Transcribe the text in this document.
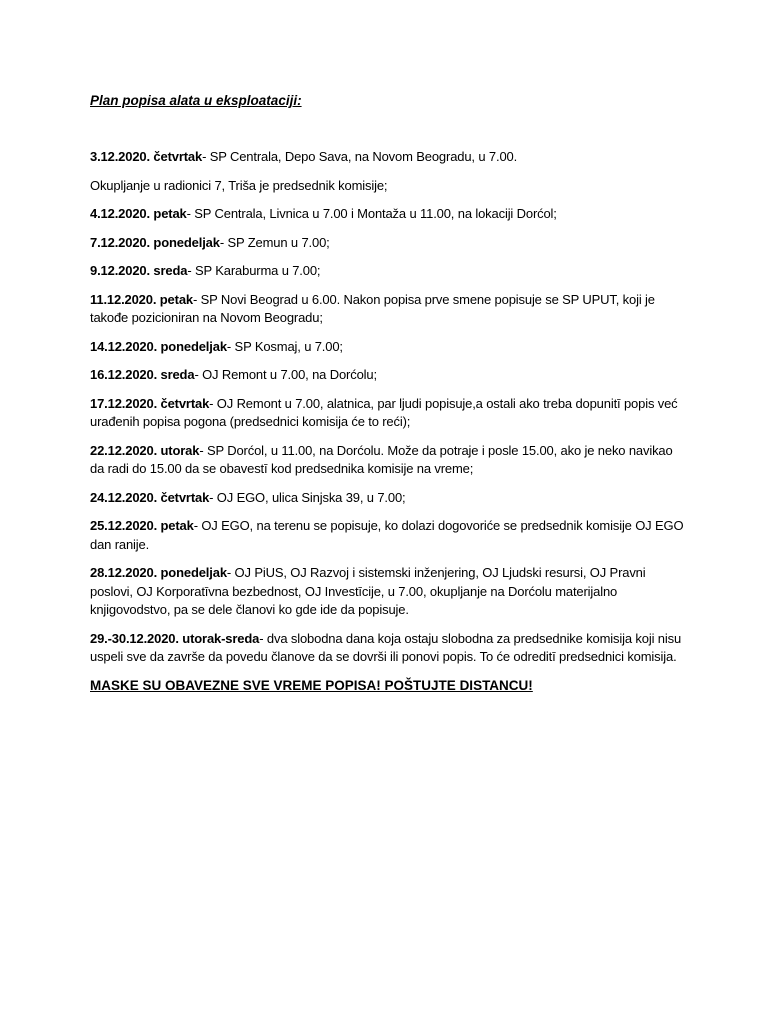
Plan popisa alata u eksploataciji:

3.12.2020. četvrtak- SP Centrala, Depo Sava, na Novom Beogradu, u 7.00.

Okupljanje u radionici 7, Triša je predsednik komisije;

4.12.2020. petak- SP Centrala, Livnica u 7.00 i Montaža u 11.00, na lokaciji Dorćol;

7.12.2020. ponedeljak- SP Zemun u 7.00;

9.12.2020. sreda- SP Karaburma u 7.00;

11.12.2020. petak- SP Novi Beograd u 6.00. Nakon popisa prve smene popisuje se SP UPUT, koji je takođe pozicioniran na Novom Beogradu;

14.12.2020. ponedeljak- SP Kosmaj, u 7.00;

16.12.2020. sreda- OJ Remont u 7.00, na Dorćolu;

17.12.2020. četvrtak- OJ Remont u 7.00, alatnica, par ljudi popisuje,a ostali ako treba dopunitī popis već urađenih popisa pogona (predsednici komisija će to reći);

22.12.2020. utorak- SP Dorćol, u 11.00, na Dorćolu. Može da potraje i posle 15.00, ako je neko navikao da radi do 15.00 da se obavestī kod predsednika komisije na vreme;

24.12.2020. četvrtak- OJ EGO, ulica Sinjska 39, u 7.00;

25.12.2020. petak- OJ EGO, na terenu se popisuje, ko dolazi dogovoriće se predsednik komisije OJ EGO dan ranije.

28.12.2020. ponedeljak- OJ PiUS, OJ Razvoj i sistemski inženjering, OJ Ljudski resursi, OJ Pravni poslovi, OJ Korporatīvna bezbednost, OJ Investīcije, u 7.00, okupljanje na Dorćolu materijalno knjigovodstvo, pa se dele članovi ko gde ide da popisuje.

29.-30.12.2020. utorak-sreda- dva slobodna dana koja ostaju slobodna za predsednike komisija koji nisu uspeli sve da završe da povedu članove da se dovrši ili ponovi popis. To će odreditī predsednici komisija.

MASKE SU OBAVEZNE SVE VREME POPISA! POŠTUJTE DISTANCU!
